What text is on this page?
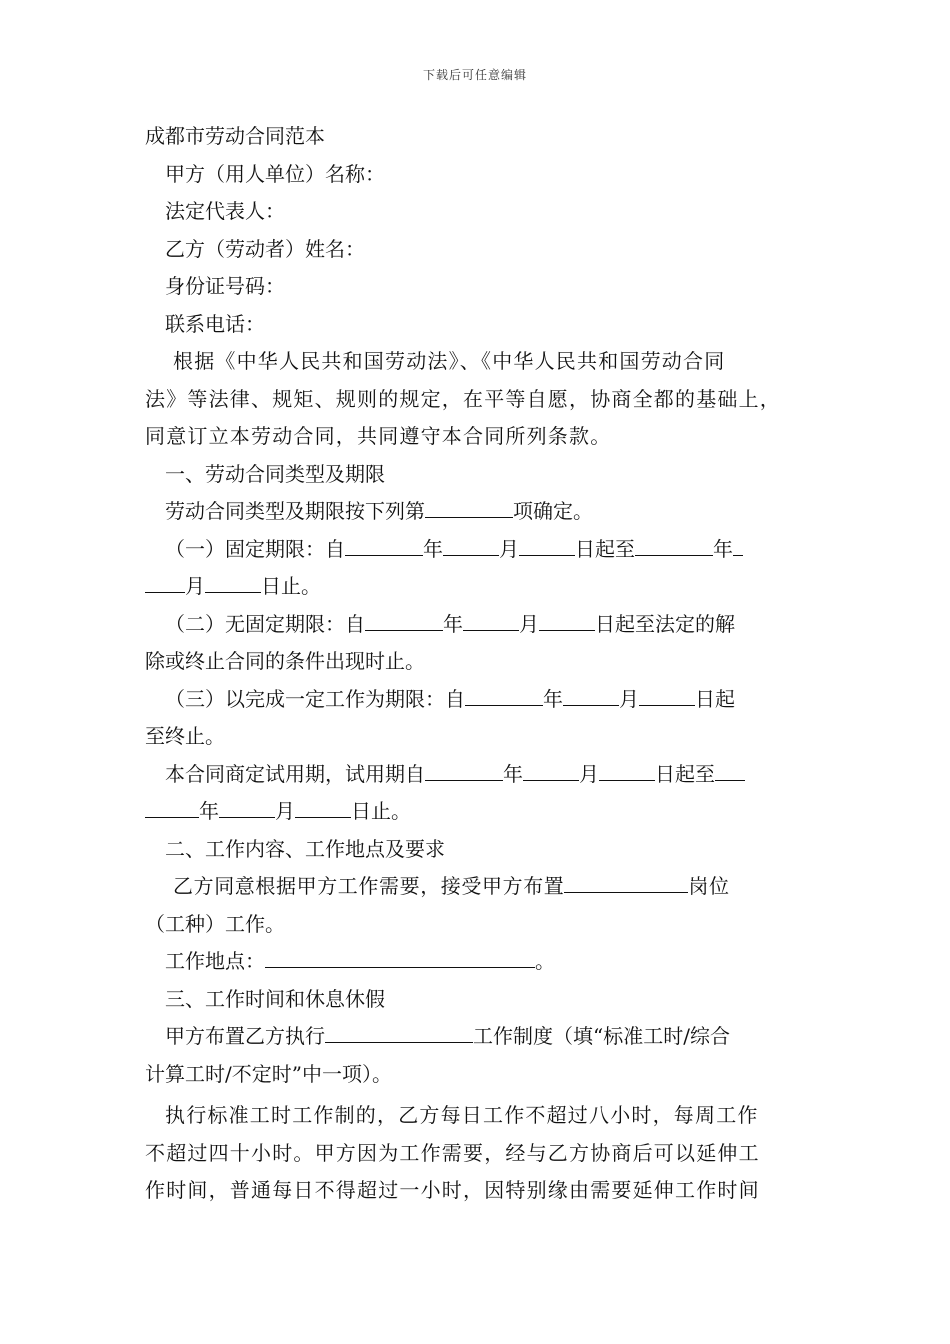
下载后可任意编辑
成都市劳动合同范本
甲方（用人单位）名称：
法定代表人：
乙方（劳动者）姓名：
身份证号码：
联系电话：
根据《中华人民共和国劳动法》、《中华人民共和国劳动合同
法》等法律、规矩、规则的规定，在平等自愿，协商全都的基础上，
同意订立本劳动合同，共同遵守本合同所列条款。
一、劳动合同类型及期限
劳动合同类型及期限按下列第	项确定。
（一）固定期限：自	年	月	日起至	年
月	日止。
（二）无固定期限：自	年	月	日起至法定的解
除或终止合同的条件出现时止。
（三）以完成一定工作为期限：自	年	月	日起
至终止。
本合同商定试用期，试用期自	年	月	日起至
年	月	日止。
二、工作内容、工作地点及要求
乙方同意根据甲方工作需要，接受甲方布置	岗位
（工种）工作。
工作地点：	。
三、工作时间和休息休假
甲方布置乙方执行	工作制度（填“标准工时/综合
计算工时/不定时”中一项）。
执行标准工时工作制的，乙方每日工作不超过八小时，每周工作
不超过四十小时。甲方因为工作需要，经与乙方协商后可以延伸工
作时间，普通每日不得超过一小时，因特别缘由需要延伸工作时间
